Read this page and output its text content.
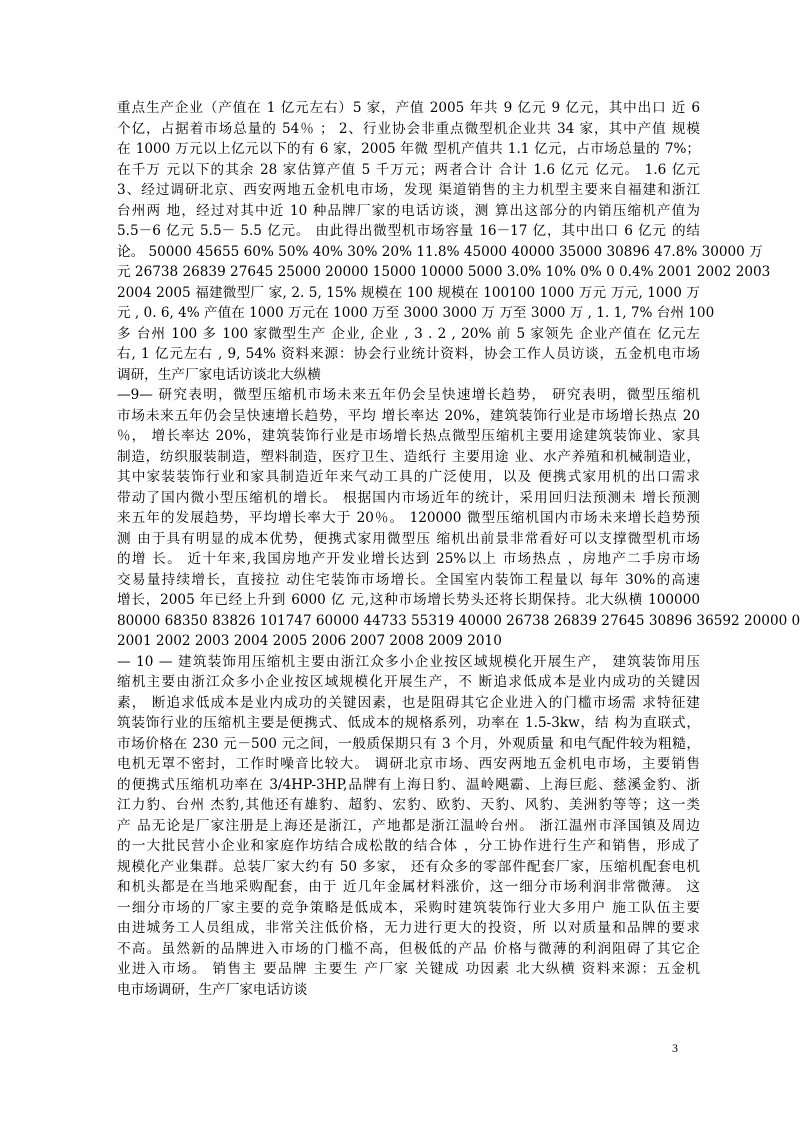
重点生产企业（产值在 1 亿元左右）5 家，产值 2005 年共 9 亿元 9 亿元，其中出口 近 6
个亿，占据着市场总量的 54％ ； 2、行业协会非重点微型机企业共 34 家，其中产值 规模
在 1000 万元以上亿元以下的有 6 家，2005 年微 型机产值共 1.1 亿元，占市场总量的 7%；
在千万 元以下的其余 28 家估算产值 5 千万元；两者合计 合计 1.6 亿元 亿元。 1.6 亿元
3、经过调研北京、西安两地五金机电市场，发现 渠道销售的主力机型主要来自福建和浙江
台州两 地，经过对其中近 10 种品牌厂家的电话访谈，测 算出这部分的内销压缩机产值为
5.5－6 亿元 5.5－ 5.5 亿元。 由此得出微型机市场容量 16－17 亿，其中出口 6 亿元 的结
论。 50000 45655 60% 50% 40% 30% 20% 11.8% 45000 40000 35000 30896 47.8% 30000 万
元 26738 26839 27645 25000 20000 15000 10000 5000 3.0% 10% 0% 0 0.4% 2001 2002 2003
2004 2005 福建微型厂 家, 2. 5, 15% 规模在 100 规模在 100100 1000 万元 万元, 1000 万
元 , 0. 6, 4% 产值在 1000 万元在 1000 万至 3000 3000 万 万至 3000 万 , 1. 1, 7% 台州 100
多 台州 100 多 100 家微型生产 企业, 企业 , 3 . 2 , 20% 前 5 家领先 企业产值在 亿元左
右, 1 亿元左右 , 9, 54% 资料来源：协会行业统计资料，协会工作人员访谈，五金机电市场
调研，生产厂家电话访谈北大纵横
—9— 研究表明，微型压缩机市场未来五年仍会呈快速增长趋势， 研究表明，微型压缩机
市场未来五年仍会呈快速增长趋势，平均 增长率达 20%，建筑装饰行业是市场增长热点 20
％， 增长率达 20%，建筑装饰行业是市场增长热点微型压缩机主要用途建筑装饰业、家具
制造，纺织服装制造，塑料制造，医疗卫生、造纸行 主要用途 业、水产养殖和机械制造业，
其中家装装饰行业和家具制造近年来气动工具的广泛使用，以及 便携式家用机的出口需求
带动了国内微小型压缩机的增长。 根据国内市场近年的统计，采用回归法预测未 增长预测
来五年的发展趋势，平均增长率大于 20％。 120000 微型压缩机国内市场未来增长趋势预
测 由于具有明显的成本优势，便携式家用微型压 缩机出前景非常看好可以支撑微型机市场
的增 长。 近十年来,我国房地产开发业增长达到 25%以上 市场热点 ，房地产二手房市场
交易量持续增长，直接拉 动住宅装饰市场增长。全国室内装饰工程量以 每年 30%的高速
增长，2005 年已经上升到 6000 亿 元,这种市场增长势头还将长期保持。北大纵横 100000
80000 68350 83826 101747 60000 44733 55319 40000 26738 26839 27645 30896 36592 20000 0
2001 2002 2003 2004 2005 2006 2007 2008 2009 2010
— 10 — 建筑装饰用压缩机主要由浙江众多小企业按区域规模化开展生产， 建筑装饰用压
缩机主要由浙江众多小企业按区域规模化开展生产，不 断追求低成本是业内成功的关键因
素， 断追求低成本是业内成功的关键因素，也是阻碍其它企业进入的门槛市场需 求特征建
筑装饰行业的压缩机主要是便携式、低成本的规格系列，功率在 1.5-3kw，结 构为直联式，
市场价格在 230 元－500 元之间，一般质保期只有 3 个月，外观质量 和电气配件较为粗糙，
电机无罩不密封，工作时噪音比较大。 调研北京市场、西安两地五金机电市场，主要销售
的便携式压缩机功率在 3/4HP-3HP,品牌有上海日豹、温岭飓霸、上海巨彪、慈溪金豹、浙
江力豹、台州 杰豹,其他还有雄豹、超豹、宏豹、欧豹、天豹、风豹、美洲豹等等；这一类
产 品无论是厂家注册是上海还是浙江，产地都是浙江温岭台州。 浙江温州市泽国镇及周边
的一大批民营小企业和家庭作坊结合成松散的结合体 ，分工协作进行生产和销售，形成了
规模化产业集群。总装厂家大约有 50 多家， 还有众多的零部件配套厂家，压缩机配套电机
和机头都是在当地采购配套，由于 近几年金属材料涨价，这一细分市场利润非常微薄。 这
一细分市场的厂家主要的竞争策略是低成本，采购时建筑装饰行业大多用户 施工队伍主要
由进城务工人员组成，非常关注低价格，无力进行更大的投资，所 以对质量和品牌的要求
不高。虽然新的品牌进入市场的门槛不高，但极低的产品 价格与微薄的利润阻碍了其它企
业进入市场。 销售主 要品牌 主要生 产厂家 关键成 功因素 北大纵横 资料来源：五金机
电市场调研，生产厂家电话访谈
3
